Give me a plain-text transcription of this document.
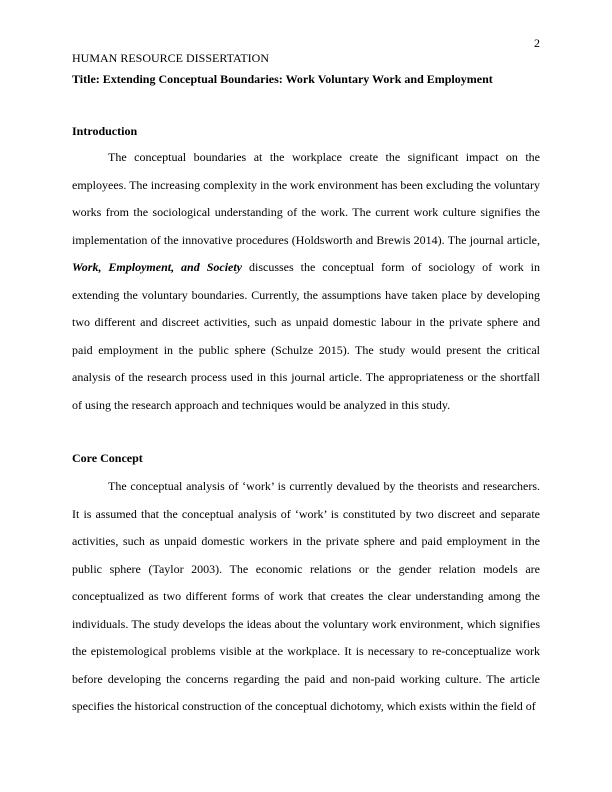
2
HUMAN RESOURCE DISSERTATION
Title: Extending Conceptual Boundaries: Work Voluntary Work and Employment
Introduction

The conceptual boundaries at the workplace create the significant impact on the employees. The increasing complexity in the work environment has been excluding the voluntary works from the sociological understanding of the work. The current work culture signifies the implementation of the innovative procedures (Holdsworth and Brewis 2014). The journal article, Work, Employment, and Society discusses the conceptual form of sociology of work in extending the voluntary boundaries. Currently, the assumptions have taken place by developing two different and discreet activities, such as unpaid domestic labour in the private sphere and paid employment in the public sphere (Schulze 2015). The study would present the critical analysis of the research process used in this journal article. The appropriateness or the shortfall of using the research approach and techniques would be analyzed in this study.

Core Concept

The conceptual analysis of ‘work’ is currently devalued by the theorists and researchers. It is assumed that the conceptual analysis of ‘work’ is constituted by two discreet and separate activities, such as unpaid domestic workers in the private sphere and paid employment in the public sphere (Taylor 2003). The economic relations or the gender relation models are conceptualized as two different forms of work that creates the clear understanding among the individuals. The study develops the ideas about the voluntary work environment, which signifies the epistemological problems visible at the workplace. It is necessary to re-conceptualize work before developing the concerns regarding the paid and non-paid working culture. The article specifies the historical construction of the conceptual dichotomy, which exists within the field of
